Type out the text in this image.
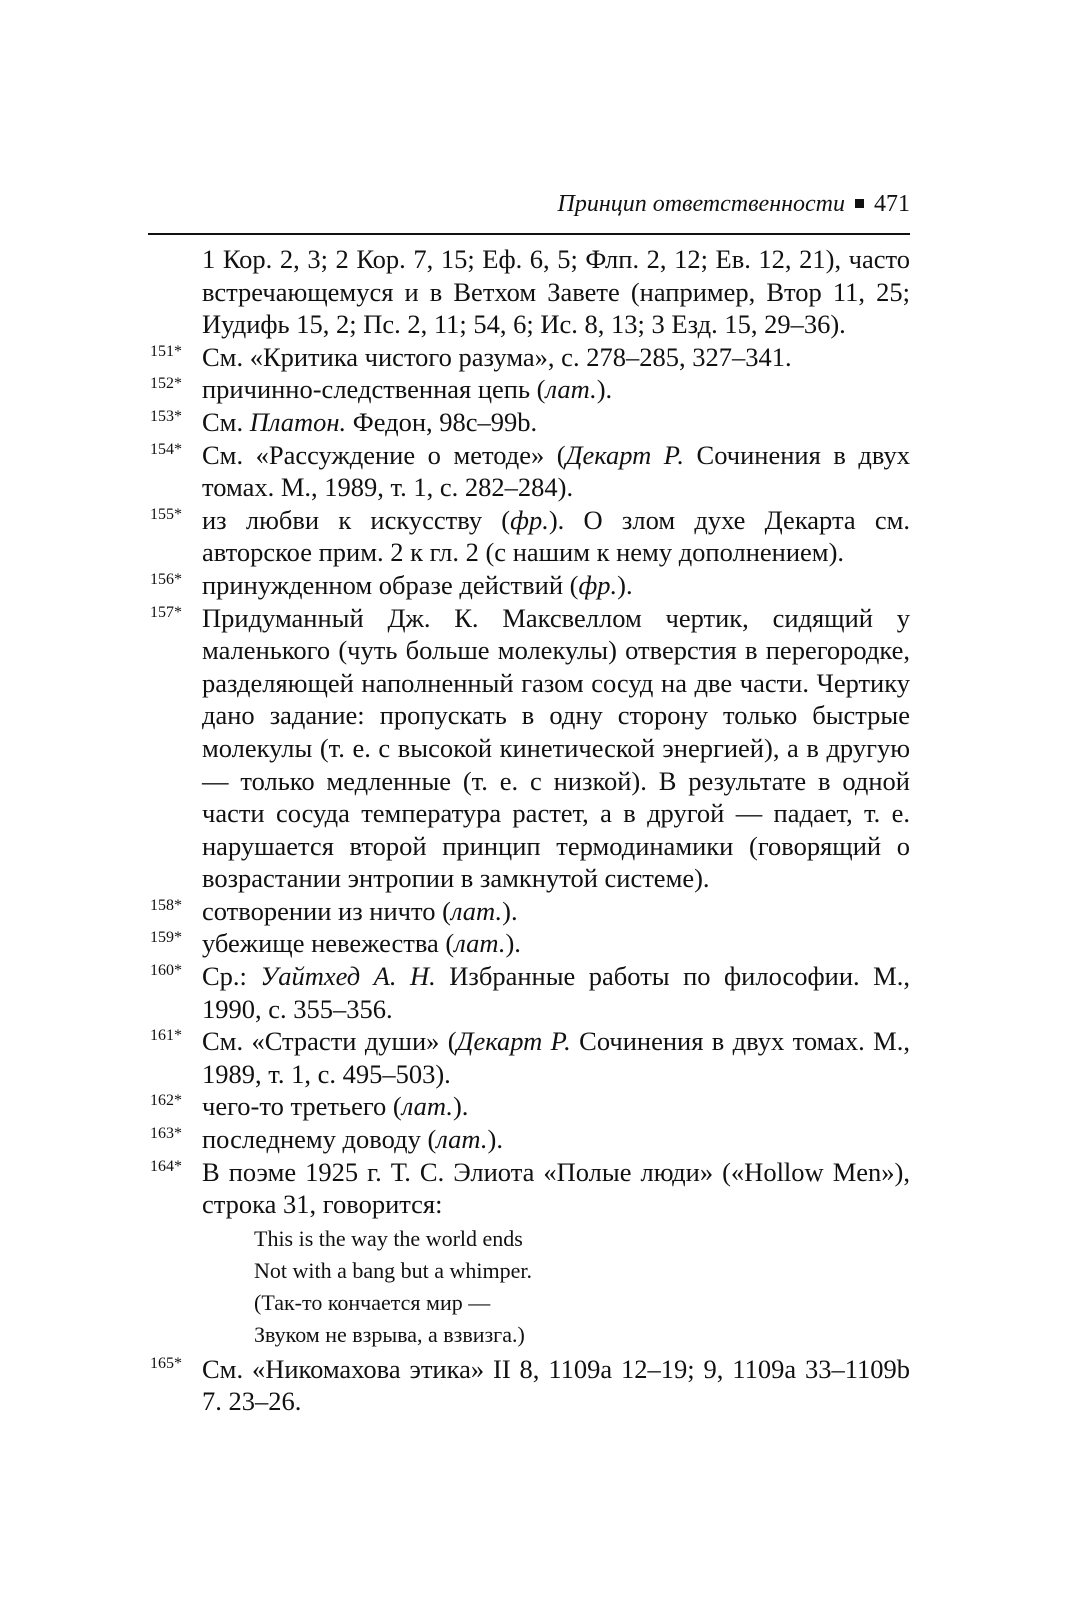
Принцип ответственности 471
1 Кор. 2, 3; 2 Кор. 7, 15; Еф. 6, 5; Флп. 2, 12; Ев. 12, 21), часто встречающемуся и в Ветхом Завете (например, Втор 11, 25; Иудифь 15, 2; Пс. 2, 11; 54, 6; Ис. 8, 13; 3 Езд. 15, 29–36).
151* См. «Критика чистого разума», с. 278–285, 327–341.
152* причинно-следственная цепь (лат.).
153* См. Платон. Федон, 98с–99b.
154* См. «Рассуждение о методе» (Декарт Р. Сочинения в двух томах. М., 1989, т. 1, с. 282–284).
155* из любви к искусству (фр.). О злом духе Декарта см. авторское прим. 2 к гл. 2 (с нашим к нему дополнением).
156* принужденном образе действий (фр.).
157* Придуманный Дж. К. Максвеллом чертик, сидящий у маленького (чуть больше молекулы) отверстия в перегородке, разделяющей наполненный газом сосуд на две части. Чертику дано задание: пропускать в одну сторону только быстрые молекулы (т. е. с высокой кинетической энергией), а в другую — только медленные (т. е. с низкой). В результате в одной части сосуда температура растет, а в другой — падает, т. е. нарушается второй принцип термодинамики (говорящий о возрастании энтропии в замкнутой системе).
158* сотворении из ничто (лат.).
159* убежище невежества (лат.).
160* Ср.: Уайтхед А. Н. Избранные работы по философии. М., 1990, с. 355–356.
161* См. «Страсти души» (Декарт Р. Сочинения в двух томах. М., 1989, т. 1, с. 495–503).
162* чего-то третьего (лат.).
163* последнему доводу (лат.).
164* В поэме 1925 г. Т. С. Элиота «Полые люди» («Hollow Men»), строка 31, говорится:
This is the way the world ends
Not with a bang but a whimper.
(Так-то кончается мир —
Звуком не взрыва, а взвизга.)
165* См. «Никомахова этика» II 8, 1109а 12–19; 9, 1109а 33–1109b 7. 23–26.
